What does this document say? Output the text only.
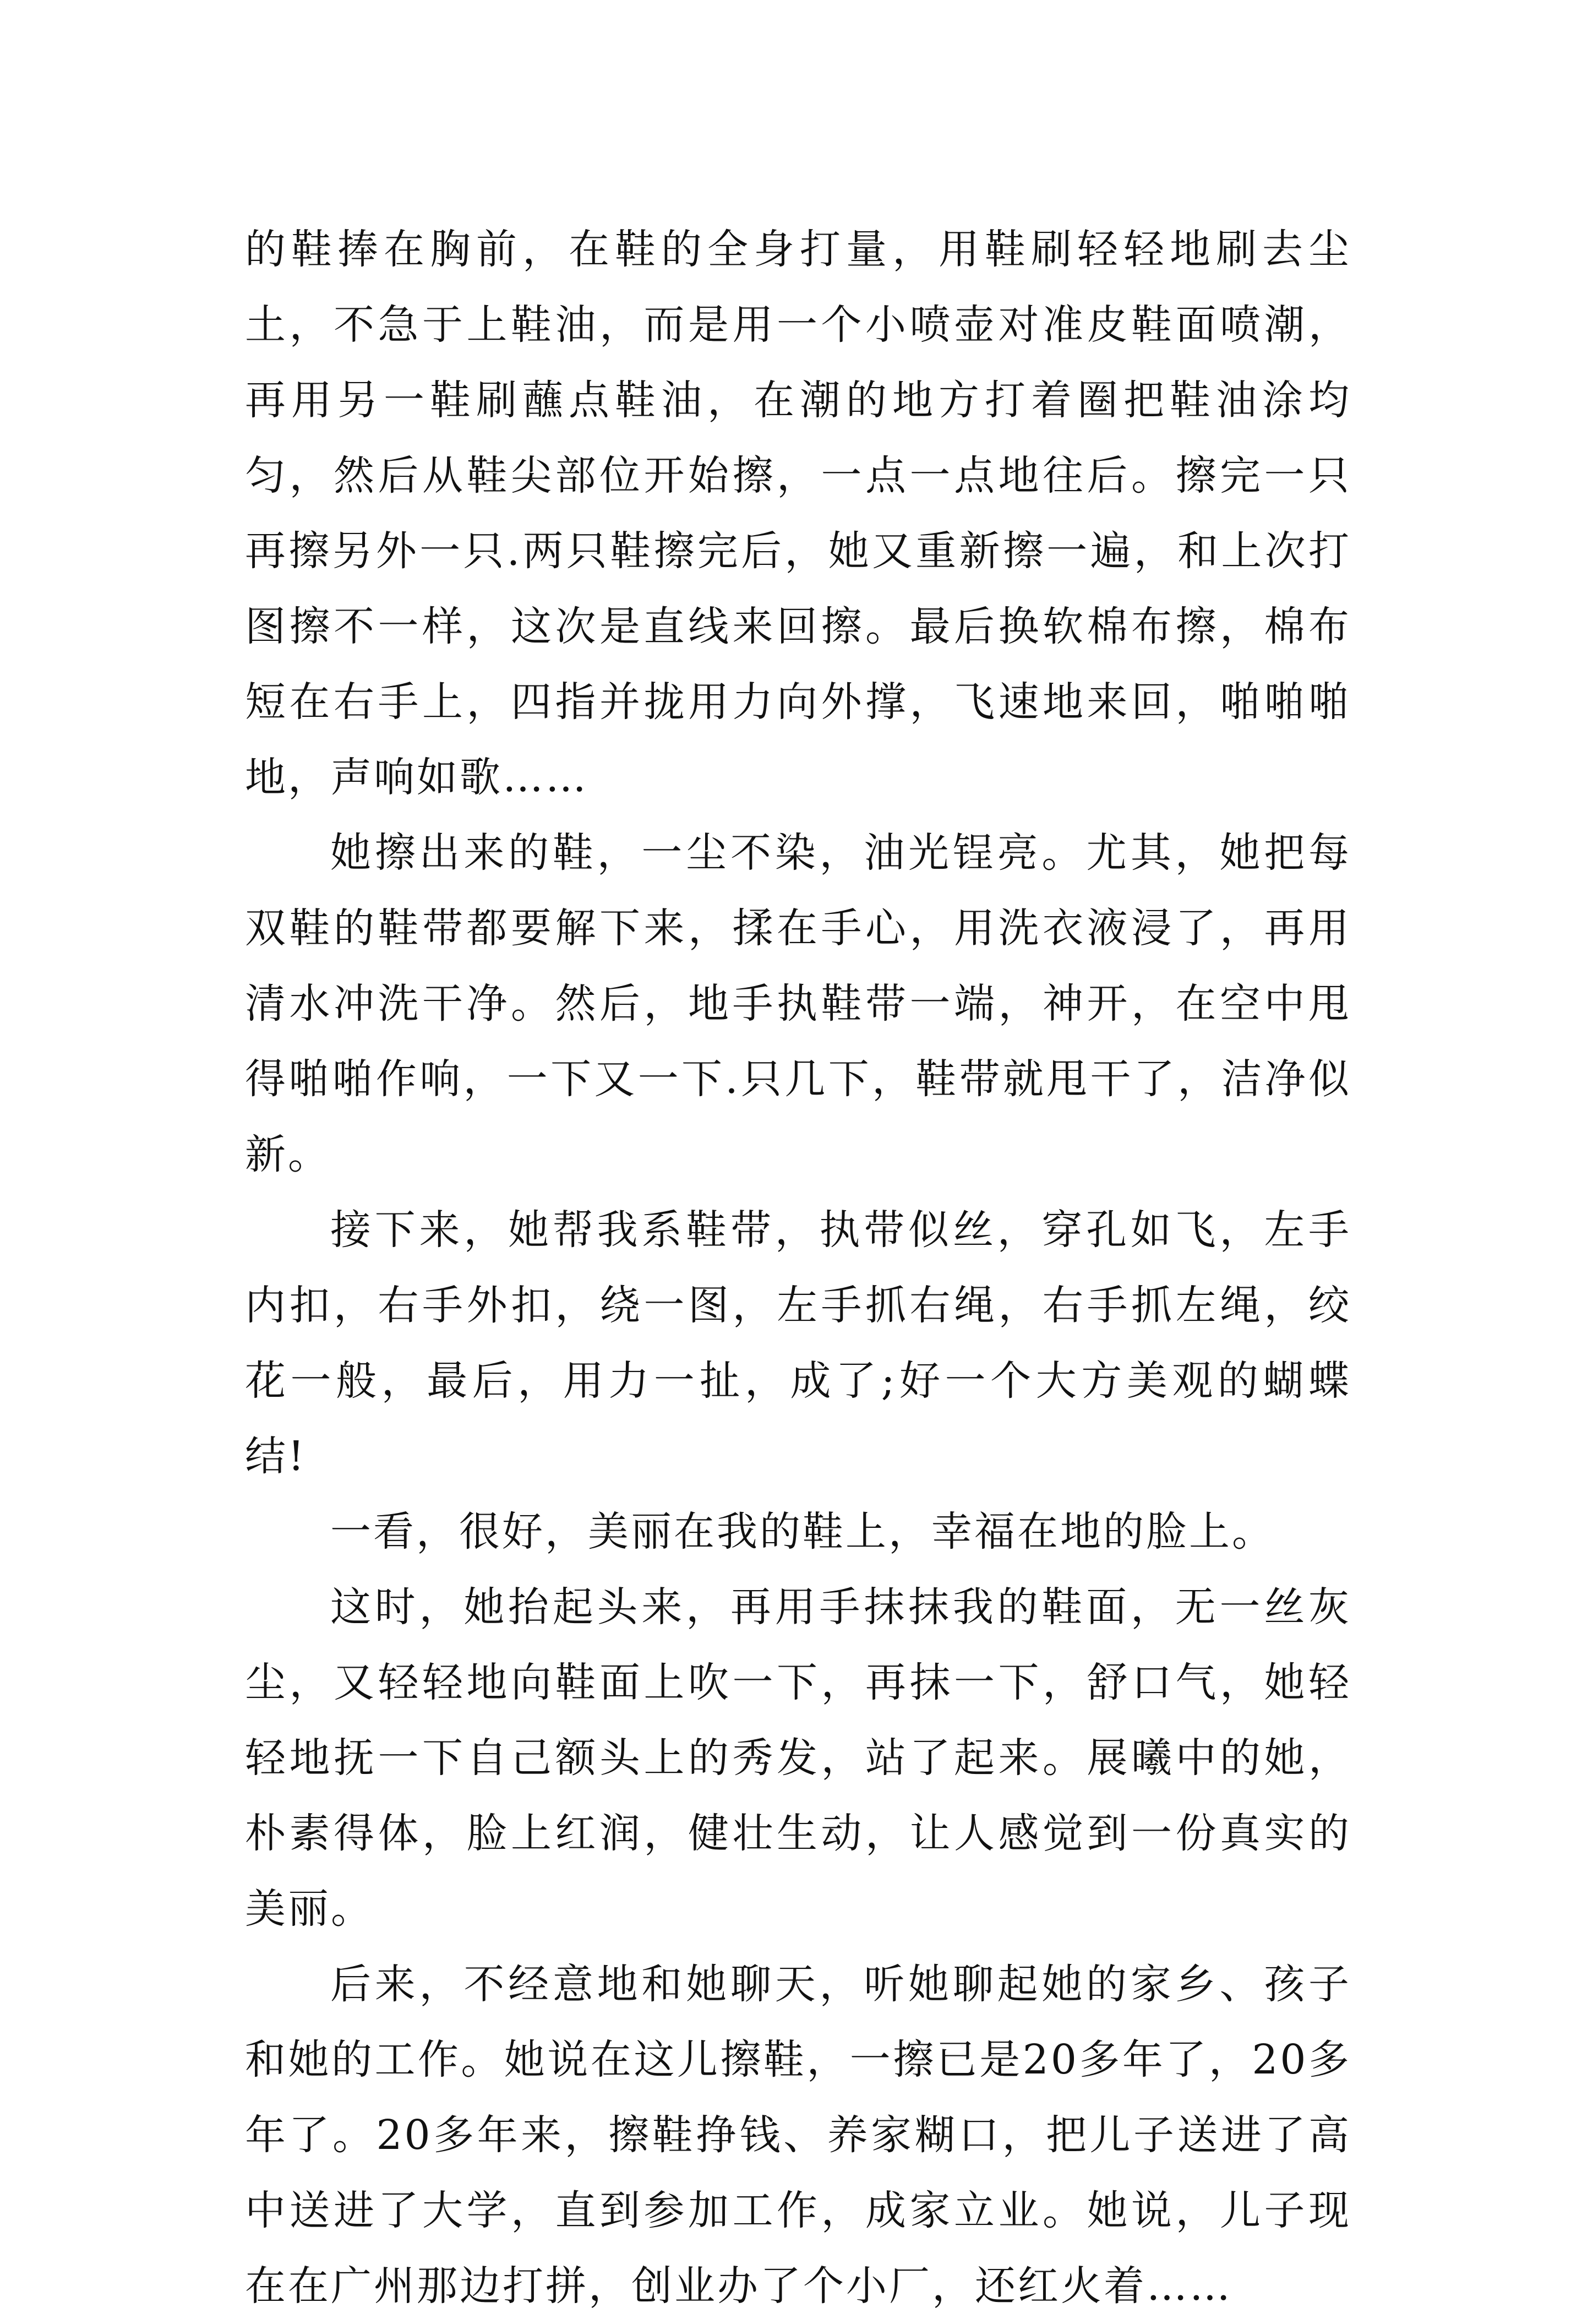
的鞋捧在胸前，在鞋的全身打量，用鞋刷轻轻地刷去尘土，不急于上鞋油，而是用一个小喷壶对准皮鞋面喷潮，再用另一鞋刷蘸点鞋油，在潮的地方打着圈把鞋油涂均匀，然后从鞋尖部位开始擦，一点一点地往后。擦完一只再擦另外一只.两只鞋擦完后，她又重新擦一遍，和上次打图擦不一样，这次是直线来回擦。最后换软棉布擦，棉布短在右手上，四指并拢用力向外撑，飞速地来回，啪啪啪地，声响如歌……

她擦出来的鞋，一尘不染，油光锃亮。尤其，她把每双鞋的鞋带都要解下来，揉在手心，用洗衣液浸了，再用清水冲洗干净。然后，地手执鞋带一端，神开，在空中甩得啪啪作响，一下又一下.只几下，鞋带就甩干了，洁净似新。

接下来，她帮我系鞋带，执带似丝，穿孔如飞，左手内扣，右手外扣，绕一图，左手抓右绳，右手抓左绳，绞花一般，最后，用力一扯，成了;好一个大方美观的蝴蝶结!

一看，很好，美丽在我的鞋上，幸福在地的脸上。

这时，她抬起头来，再用手抹抹我的鞋面，无一丝灰尘，又轻轻地向鞋面上吹一下，再抹一下，舒口气，她轻轻地抚一下自己额头上的秀发，站了起来。展曦中的她，朴素得体，脸上红润，健壮生动，让人感觉到一份真实的美丽。

后来，不经意地和她聊天，听她聊起她的家乡、孩子和她的工作。她说在这儿擦鞋，一擦已是20多年了，20多年了。20多年来，擦鞋挣钱、养家糊口，把儿子送进了高中送进了大学，直到参加工作，成家立业。她说，儿子现在在广州那边打拼，创业办了个小厂，还红火着……
